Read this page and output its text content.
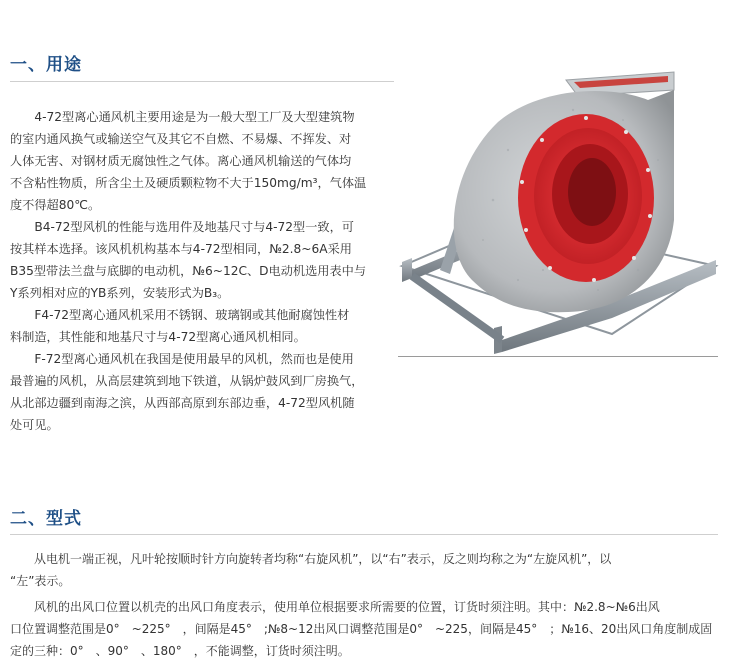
一、用途
　　4-72型离心通风机主要用途是为一般大型工厂及大型建筑物
的室内通风换气或输送空气及其它不自燃、不易爆、不挥发、对
人体无害、对钢材质无腐蚀性之气体。离心通风机输送的气体均
不含粘性物质，所含尘土及硬质颗粒物不大于150mg/m³，气体温
度不得超80℃。
　　B4-72型风机的性能与选用件及地基尺寸与4-72型一致，可
按其样本选择。该风机机构基本与4-72型相同，№2.8~6A采用
B35型带法兰盘与底脚的电动机，№6~12C、D电动机选用表中与
Y系列相对应的YB系列，安装形式为B₃。
　　F4-72型离心通风机采用不锈钢、玻璃钢或其他耐腐蚀性材
料制造，其性能和地基尺寸与4-72型离心通风机相同。
　　F-72型离心通风机在我国是使用最早的风机，然而也是使用
最普遍的风机，从高层建筑到地下铁道，从锅炉鼓风到厂房换气，
从北部边疆到南海之滨，从西部高原到东部边垂，4-72型风机随
处可见。
二、型式
　　从电机一端正视，凡叶轮按顺时针方向旋转者均称“右旋风机”，以“右”表示，反之则均称之为“左旋风机”，以
“左”表示。
　　风机的出风口位置以机壳的出风口角度表示，使用单位根据要求所需要的位置，订货时须注明。其中：№2.8~№6出风
口位置调整范围是0°　~225°　，间隔是45°　;№8~12出风口调整范围是0°　~225，间隔是45°　；№16、20出风口角度制成固
定的三种：0°　、90°　、180°　，不能调整，订货时须注明。
